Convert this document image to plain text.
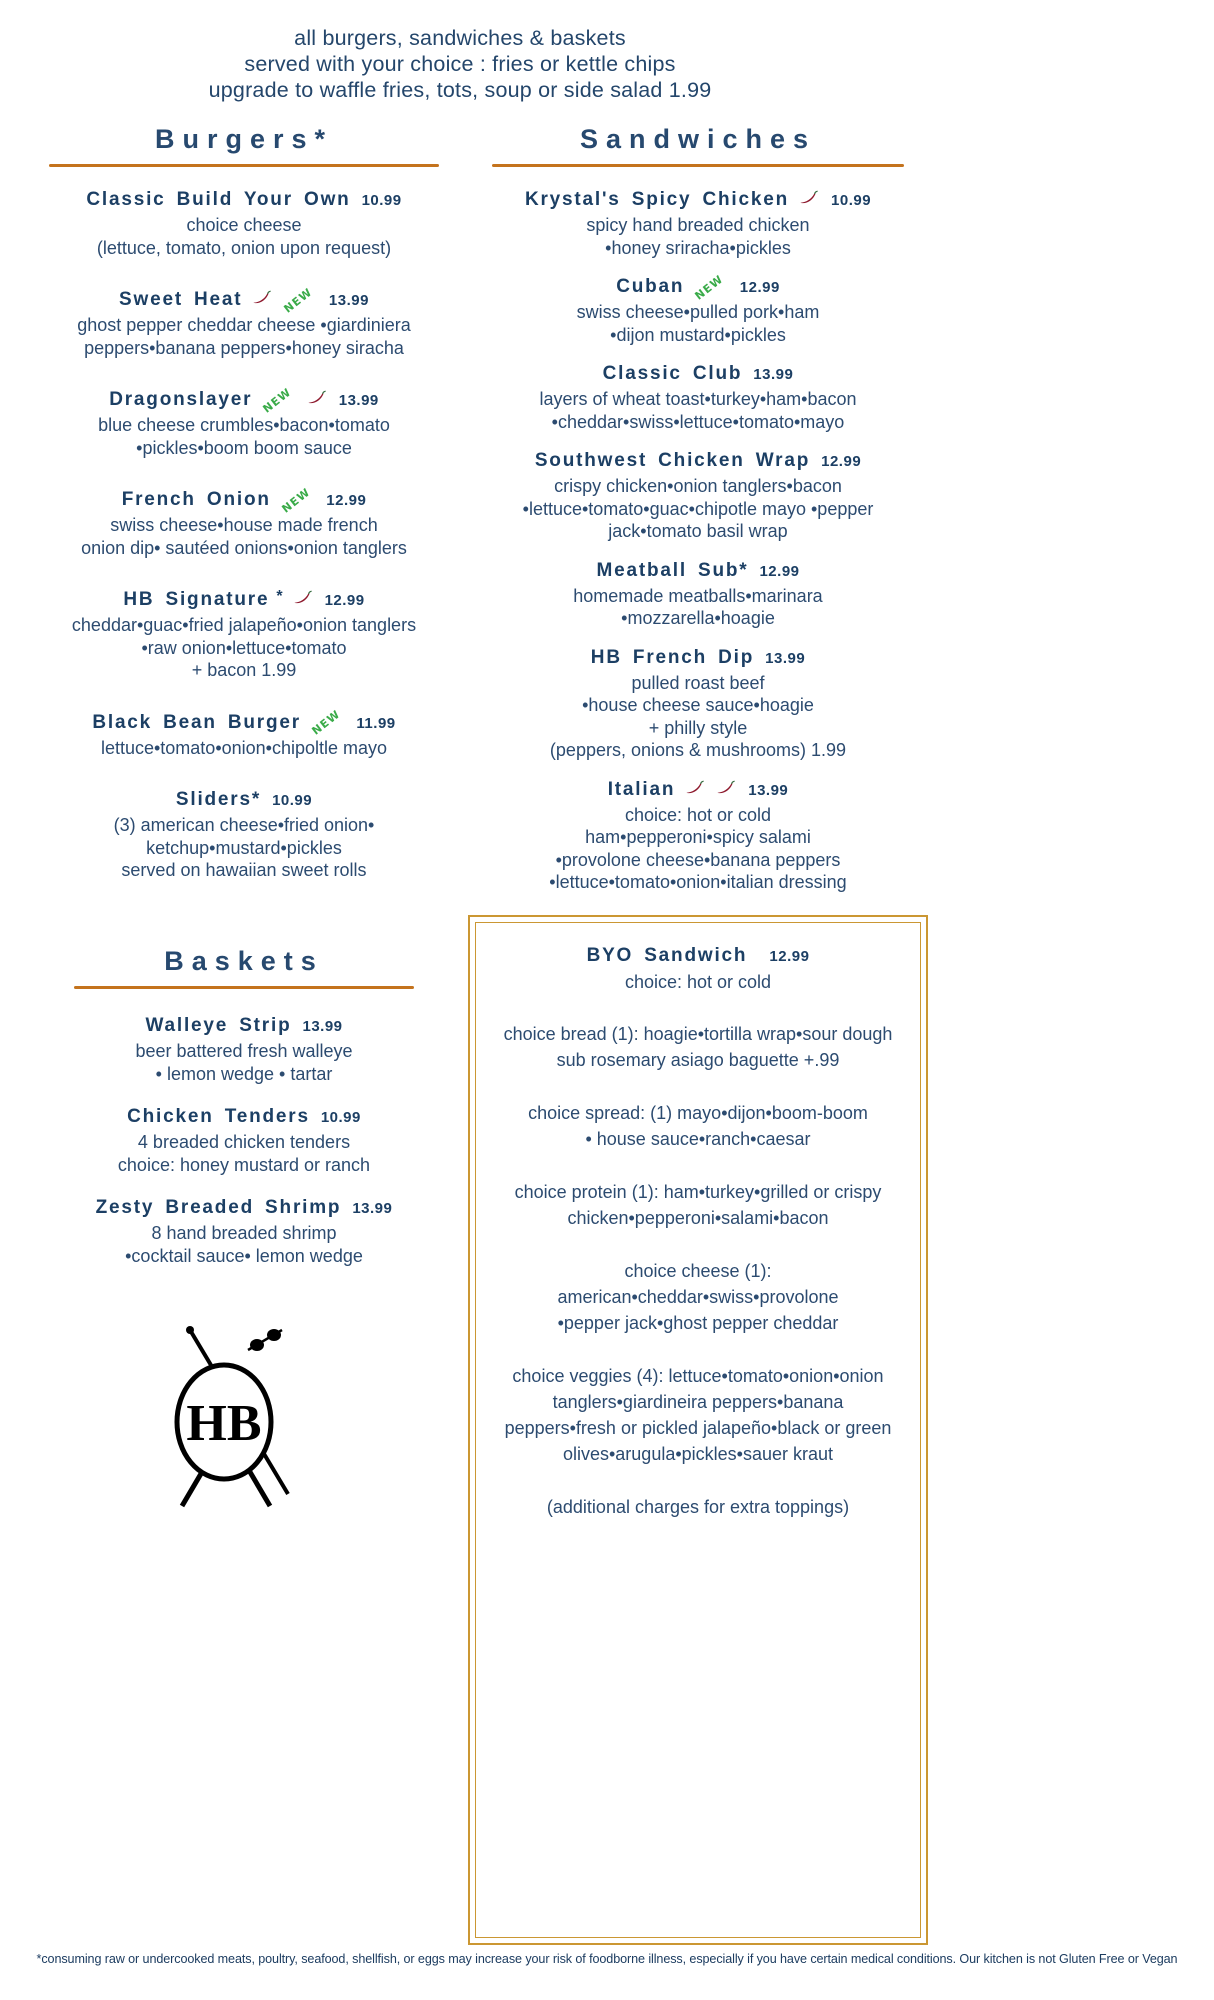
all burgers, sandwiches & baskets
served with your choice : fries or kettle chips
upgrade to waffle fries, tots, soup or side salad 1.99
Burgers*
Classic Build Your Own 10.99
choice cheese
(lettuce, tomato, onion upon request)
Sweet Heat	NEW 13.99
ghost pepper cheddar cheese •giardiniera
peppers•banana peppers•honey siracha
Dragonslayer NEW	13.99
blue cheese crumbles•bacon•tomato
•pickles•boom boom sauce
French Onion NEW 12.99
swiss cheese•house made french
onion dip• sautéed onions•onion tanglers
HB Signature *	12.99
cheddar•guac•fried jalapeño•onion tanglers
•raw onion•lettuce•tomato
+ bacon 1.99
Black Bean Burger NEW 11.99
lettuce•tomato•onion•chipoltle mayo
Sliders* 10.99
(3) american cheese•fried onion•
ketchup•mustard•pickles
served on hawaiian sweet rolls
Sandwiches
Krystal's Spicy Chicken	10.99
spicy hand breaded chicken
•honey sriracha•pickles
Cuban NEW 12.99
swiss cheese•pulled pork•ham
•dijon mustard•pickles
Classic Club 13.99
layers of wheat toast•turkey•ham•bacon
•cheddar•swiss•lettuce•tomato•mayo
Southwest Chicken Wrap 12.99
crispy chicken•onion tanglers•bacon
•lettuce•tomato•guac•chipotle mayo •pepper
jack•tomato basil wrap
Meatball Sub* 12.99
homemade meatballs•marinara
•mozzarella•hoagie
HB French Dip 13.99
pulled roast beef
•house cheese sauce•hoagie
+ philly style
(peppers, onions & mushrooms) 1.99
Italian	13.99
choice: hot or cold
ham•pepperoni•spicy salami
•provolone cheese•banana peppers
•lettuce•tomato•onion•italian dressing
Baskets
Walleye Strip 13.99
beer battered fresh walleye
• lemon wedge • tartar
Chicken Tenders 10.99
4 breaded chicken tenders
choice: honey mustard or ranch
Zesty Breaded Shrimp 13.99
8 hand breaded shrimp
•cocktail sauce• lemon wedge
BYO Sandwich 12.99
choice: hot or cold
choice bread (1): hoagie•tortilla wrap•sour dough
sub rosemary asiago baguette +.99
choice spread: (1) mayo•dijon•boom-boom
• house sauce•ranch•caesar
choice protein (1): ham•turkey•grilled or crispy
chicken•pepperoni•salami•bacon
choice cheese (1):
american•cheddar•swiss•provolone
•pepper jack•ghost pepper cheddar
choice veggies (4): lettuce•tomato•onion•onion
tanglers•giardineira peppers•banana
peppers•fresh or pickled jalapeño•black or green
olives•arugula•pickles•sauer kraut
(additional charges for extra toppings)
HB
*consuming raw or undercooked meats, poultry, seafood, shellfish, or eggs may increase your risk of foodborne illness, especially if you have certain medical conditions. Our kitchen is not Gluten Free or Vegan
